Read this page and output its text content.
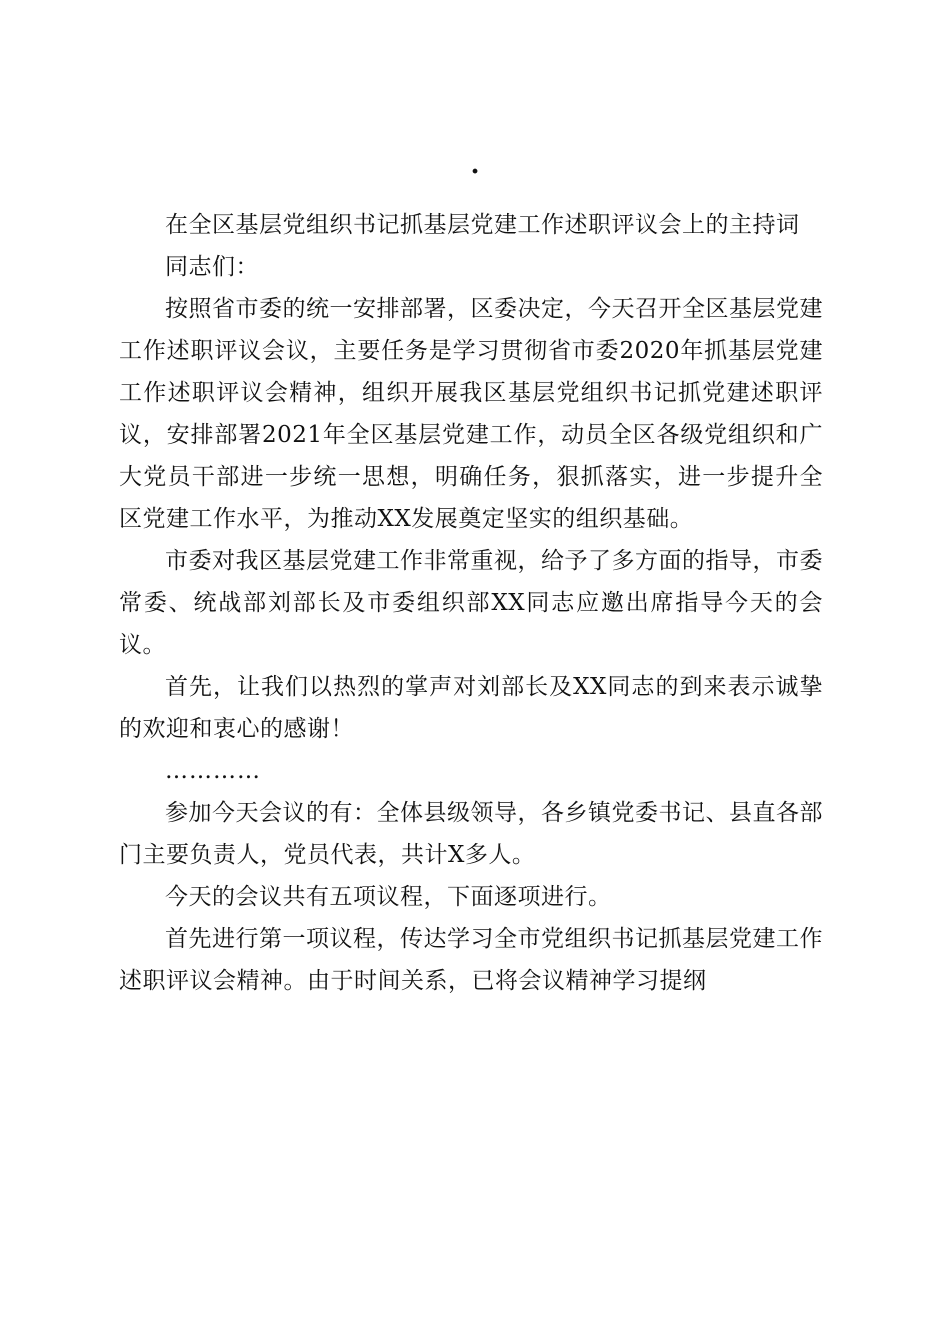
.

在全区基层党组织书记抓基层党建工作述职评议会上的主持词

同志们：

按照省市委的统一安排部署，区委决定，今天召开全区基层党建工作述职评议会议，主要任务是学习贯彻省市委2020年抓基层党建工作述职评议会精神，组织开展我区基层党组织书记抓党建述职评议，安排部署2021年全区基层党建工作，动员全区各级党组织和广大党员干部进一步统一思想，明确任务，狠抓落实，进一步提升全区党建工作水平，为推动XX发展奠定坚实的组织基础。

市委对我区基层党建工作非常重视，给予了多方面的指导，市委常委、统战部刘部长及市委组织部XX同志应邀出席指导今天的会议。

首先，让我们以热烈的掌声对刘部长及XX同志的到来表示诚挚的欢迎和衷心的感谢！

…………

参加今天会议的有：全体县级领导，各乡镇党委书记、县直各部门主要负责人，党员代表，共计X多人。

今天的会议共有五项议程，下面逐项进行。

首先进行第一项议程，传达学习全市党组织书记抓基层党建工作述职评议会精神。由于时间关系，已将会议精神学习提纲
